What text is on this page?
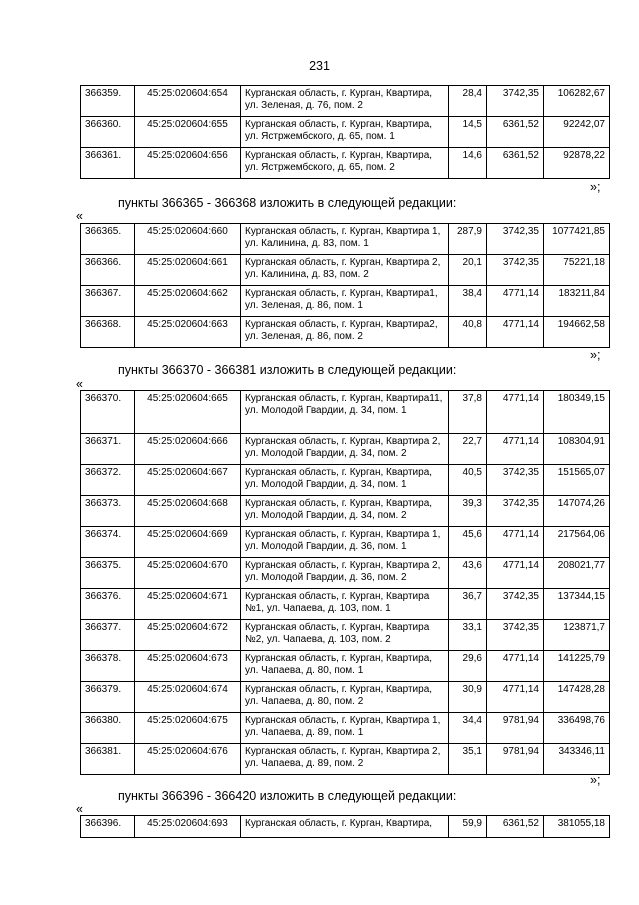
231
366359.	45:25:020604:654	Курганская область, г. Курган, Квартира, ул. Зеленая, д. 76, пом. 2	28,4	3742,35	106282,67
366360.	45:25:020604:655	Курганская область, г. Курган, Квартира, ул. Ястржембского, д. 65, пом. 1	14,5	6361,52	92242,07
366361.	45:25:020604:656	Курганская область, г. Курган, Квартира, ул. Ястржембского, д. 65, пом. 2	14,6	6361,52	92878,22
»;
пункты 366365 - 366368 изложить в следующей редакции:
«
366365.	45:25:020604:660	Курганская область, г. Курган, Квартира 1, ул. Калинина, д. 83, пом. 1	287,9	3742,35	1077421,85
366366.	45:25:020604:661	Курганская область, г. Курган, Квартира 2, ул. Калинина, д. 83, пом. 2	20,1	3742,35	75221,18
366367.	45:25:020604:662	Курганская область, г. Курган, Квартира1, ул. Зеленая, д. 86, пом. 1	38,4	4771,14	183211,84
366368.	45:25:020604:663	Курганская область, г. Курган, Квартира2, ул. Зеленая, д. 86, пом. 2	40,8	4771,14	194662,58
»;
пункты 366370 - 366381 изложить в следующей редакции:
«
366370.	45:25:020604:665	Курганская область, г. Курган, Квартира11, ул. Молодой Гвардии, д. 34, пом. 1	37,8	4771,14	180349,15
366371.	45:25:020604:666	Курганская область, г. Курган, Квартира 2, ул. Молодой Гвардии, д. 34, пом. 2	22,7	4771,14	108304,91
366372.	45:25:020604:667	Курганская область, г. Курган, Квартира, ул. Молодой Гвардии, д. 34, пом. 1	40,5	3742,35	151565,07
366373.	45:25:020604:668	Курганская область, г. Курган, Квартира, ул. Молодой Гвардии, д. 34, пом. 2	39,3	3742,35	147074,26
366374.	45:25:020604:669	Курганская область, г. Курган, Квартира 1, ул. Молодой Гвардии, д. 36, пом. 1	45,6	4771,14	217564,06
366375.	45:25:020604:670	Курганская область, г. Курган, Квартира 2, ул. Молодой Гвардии, д. 36, пом. 2	43,6	4771,14	208021,77
366376.	45:25:020604:671	Курганская область, г. Курган, Квартира №1, ул. Чапаева, д. 103, пом. 1	36,7	3742,35	137344,15
366377.	45:25:020604:672	Курганская область, г. Курган, Квартира №2, ул. Чапаева, д. 103, пом. 2	33,1	3742,35	123871,7
366378.	45:25:020604:673	Курганская область, г. Курган, Квартира, ул. Чапаева, д. 80, пом. 1	29,6	4771,14	141225,79
366379.	45:25:020604:674	Курганская область, г. Курган, Квартира, ул. Чапаева, д. 80, пом. 2	30,9	4771,14	147428,28
366380.	45:25:020604:675	Курганская область, г. Курган, Квартира 1, ул. Чапаева, д. 89, пом. 1	34,4	9781,94	336498,76
366381.	45:25:020604:676	Курганская область, г. Курган, Квартира 2, ул. Чапаева, д. 89, пом. 2	35,1	9781,94	343346,11
»;
пункты 366396 - 366420 изложить в следующей редакции:
«
366396.	45:25:020604:693	Курганская область, г. Курган, Квартира,	59,9	6361,52	381055,18
